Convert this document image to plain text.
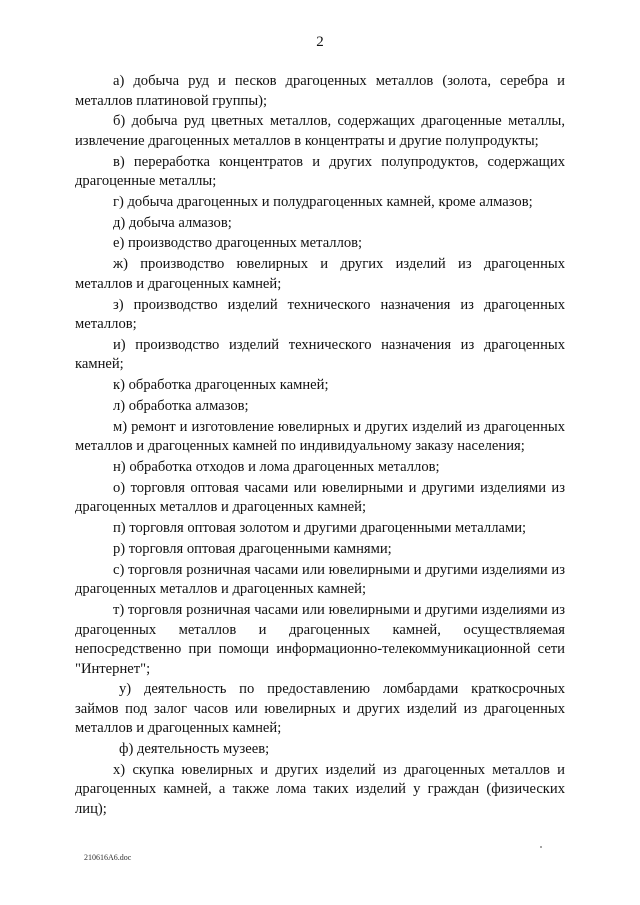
2

а) добыча руд и песков драгоценных металлов (золота, серебра и металлов платиновой группы);

б) добыча руд цветных металлов, содержащих драгоценные металлы, извлечение драгоценных металлов в концентраты и другие полупродукты;

в) переработка концентратов и других полупродуктов, содержащих драгоценные металлы;

г) добыча драгоценных и полудрагоценных камней, кроме алмазов;

д) добыча алмазов;

е) производство драгоценных металлов;

ж) производство ювелирных и других изделий из драгоценных металлов и драгоценных камней;

з) производство изделий технического назначения из драгоценных металлов;

и) производство изделий технического назначения из драгоценных камней;

к) обработка драгоценных камней;

л) обработка алмазов;

м) ремонт и изготовление ювелирных и других изделий из драгоценных металлов и драгоценных камней по индивидуальному заказу населения;

н) обработка отходов и лома драгоценных металлов;

о) торговля оптовая часами или ювелирными и другими изделиями из драгоценных металлов и драгоценных камней;

п) торговля оптовая золотом и другими драгоценными металлами;

р) торговля оптовая драгоценными камнями;

с) торговля розничная часами или ювелирными и другими изделиями из драгоценных металлов и драгоценных камней;

т) торговля розничная часами или ювелирными и другими изделиями из драгоценных металлов и драгоценных камней, осуществляемая непосредственно при помощи информационно-телекоммуникационной сети "Интернет";

у) деятельность по предоставлению ломбардами краткосрочных займов под залог часов или ювелирных и других изделий из драгоценных металлов и драгоценных камней;

ф) деятельность музеев;

х) скупка ювелирных и других изделий из драгоценных металлов и драгоценных камней, а также лома таких изделий у граждан (физических лиц);

210616A6.doc
